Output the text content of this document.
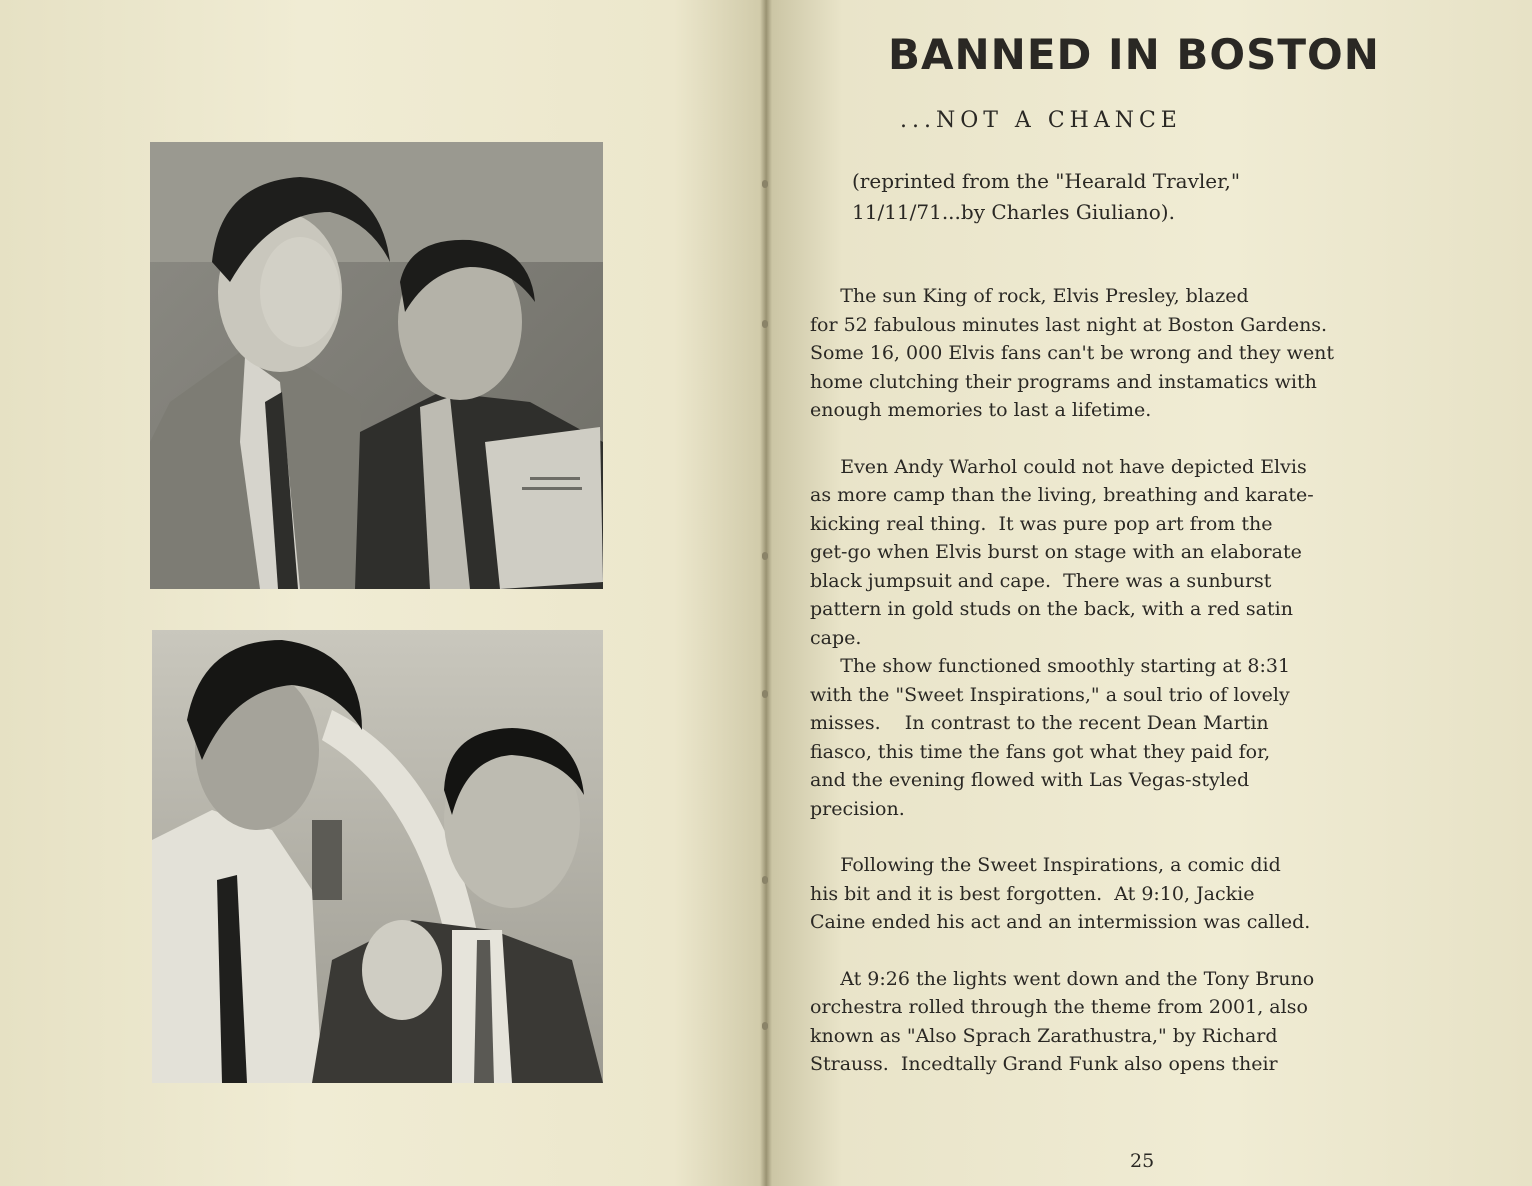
BANNED IN BOSTON

...NOT A CHANCE

(reprinted from the "Hearald Travler,"
11/11/71...by Charles Giuliano).

The sun King of rock, Elvis Presley, blazed
for 52 fabulous minutes last night at Boston Gardens.
Some 16, 000 Elvis fans can't be wrong and they went
home clutching their programs and instamatics with
enough memories to last a lifetime.

Even Andy Warhol could not have depicted Elvis
as more camp than the living, breathing and karate-
kicking real thing.  It was pure pop art from the
get-go when Elvis burst on stage with an elaborate
black jumpsuit and cape.  There was a sunburst
pattern in gold studs on the back, with a red satin
cape.
The show functioned smoothly starting at 8:31
with the "Sweet Inspirations," a soul trio of lovely
misses.    In contrast to the recent Dean Martin
fiasco, this time the fans got what they paid for,
and the evening flowed with Las Vegas-styled
precision.

Following the Sweet Inspirations, a comic did
his bit and it is best forgotten.  At 9:10, Jackie
Caine ended his act and an intermission was called.

At 9:26 the lights went down and the Tony Bruno
orchestra rolled through the theme from 2001, also
known as "Also Sprach Zarathustra," by Richard
Strauss.  Incedtally Grand Funk also opens their

25
